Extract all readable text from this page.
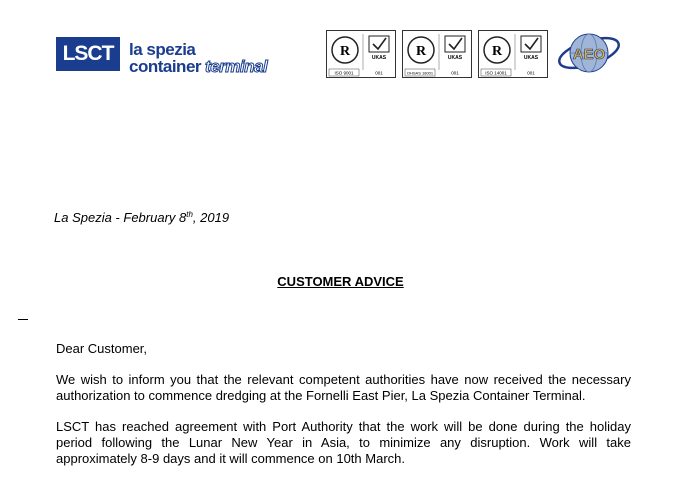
LSCT la spezia
container terminal
R	UKAS
ISO 9001	001
R	UKAS
OHSAS 18001	001
R	UKAS
ISO 14001	001
AEO
La Spezia - February 8th, 2019
CUSTOMER ADVICE
Dear Customer,
We wish to inform you that the relevant competent authorities have now received the necessary
authorization to commence dredging at the Fornelli East Pier, La Spezia Container Terminal.
LSCT has reached agreement with Port Authority that the work will be done during the holiday
period following the Lunar New Year in Asia, to minimize any disruption. Work will take
approximately 8-9 days and it will commence on 10th March.
